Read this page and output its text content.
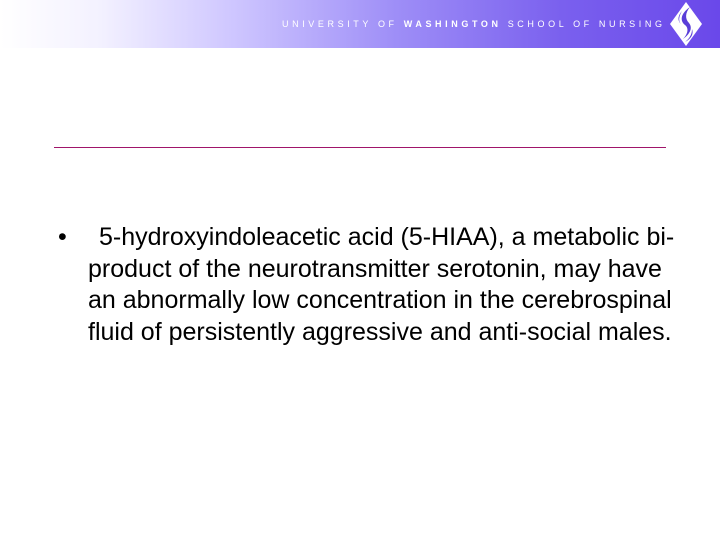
UNIVERSITY OF WASHINGTON SCHOOL OF NURSING
•	5-hydroxyindoleacetic acid (5-HIAA), a metabolic bi-product of the neurotransmitter serotonin, may have an abnormally low concentration in the cerebrospinal fluid of persistently aggressive and anti-social males.
